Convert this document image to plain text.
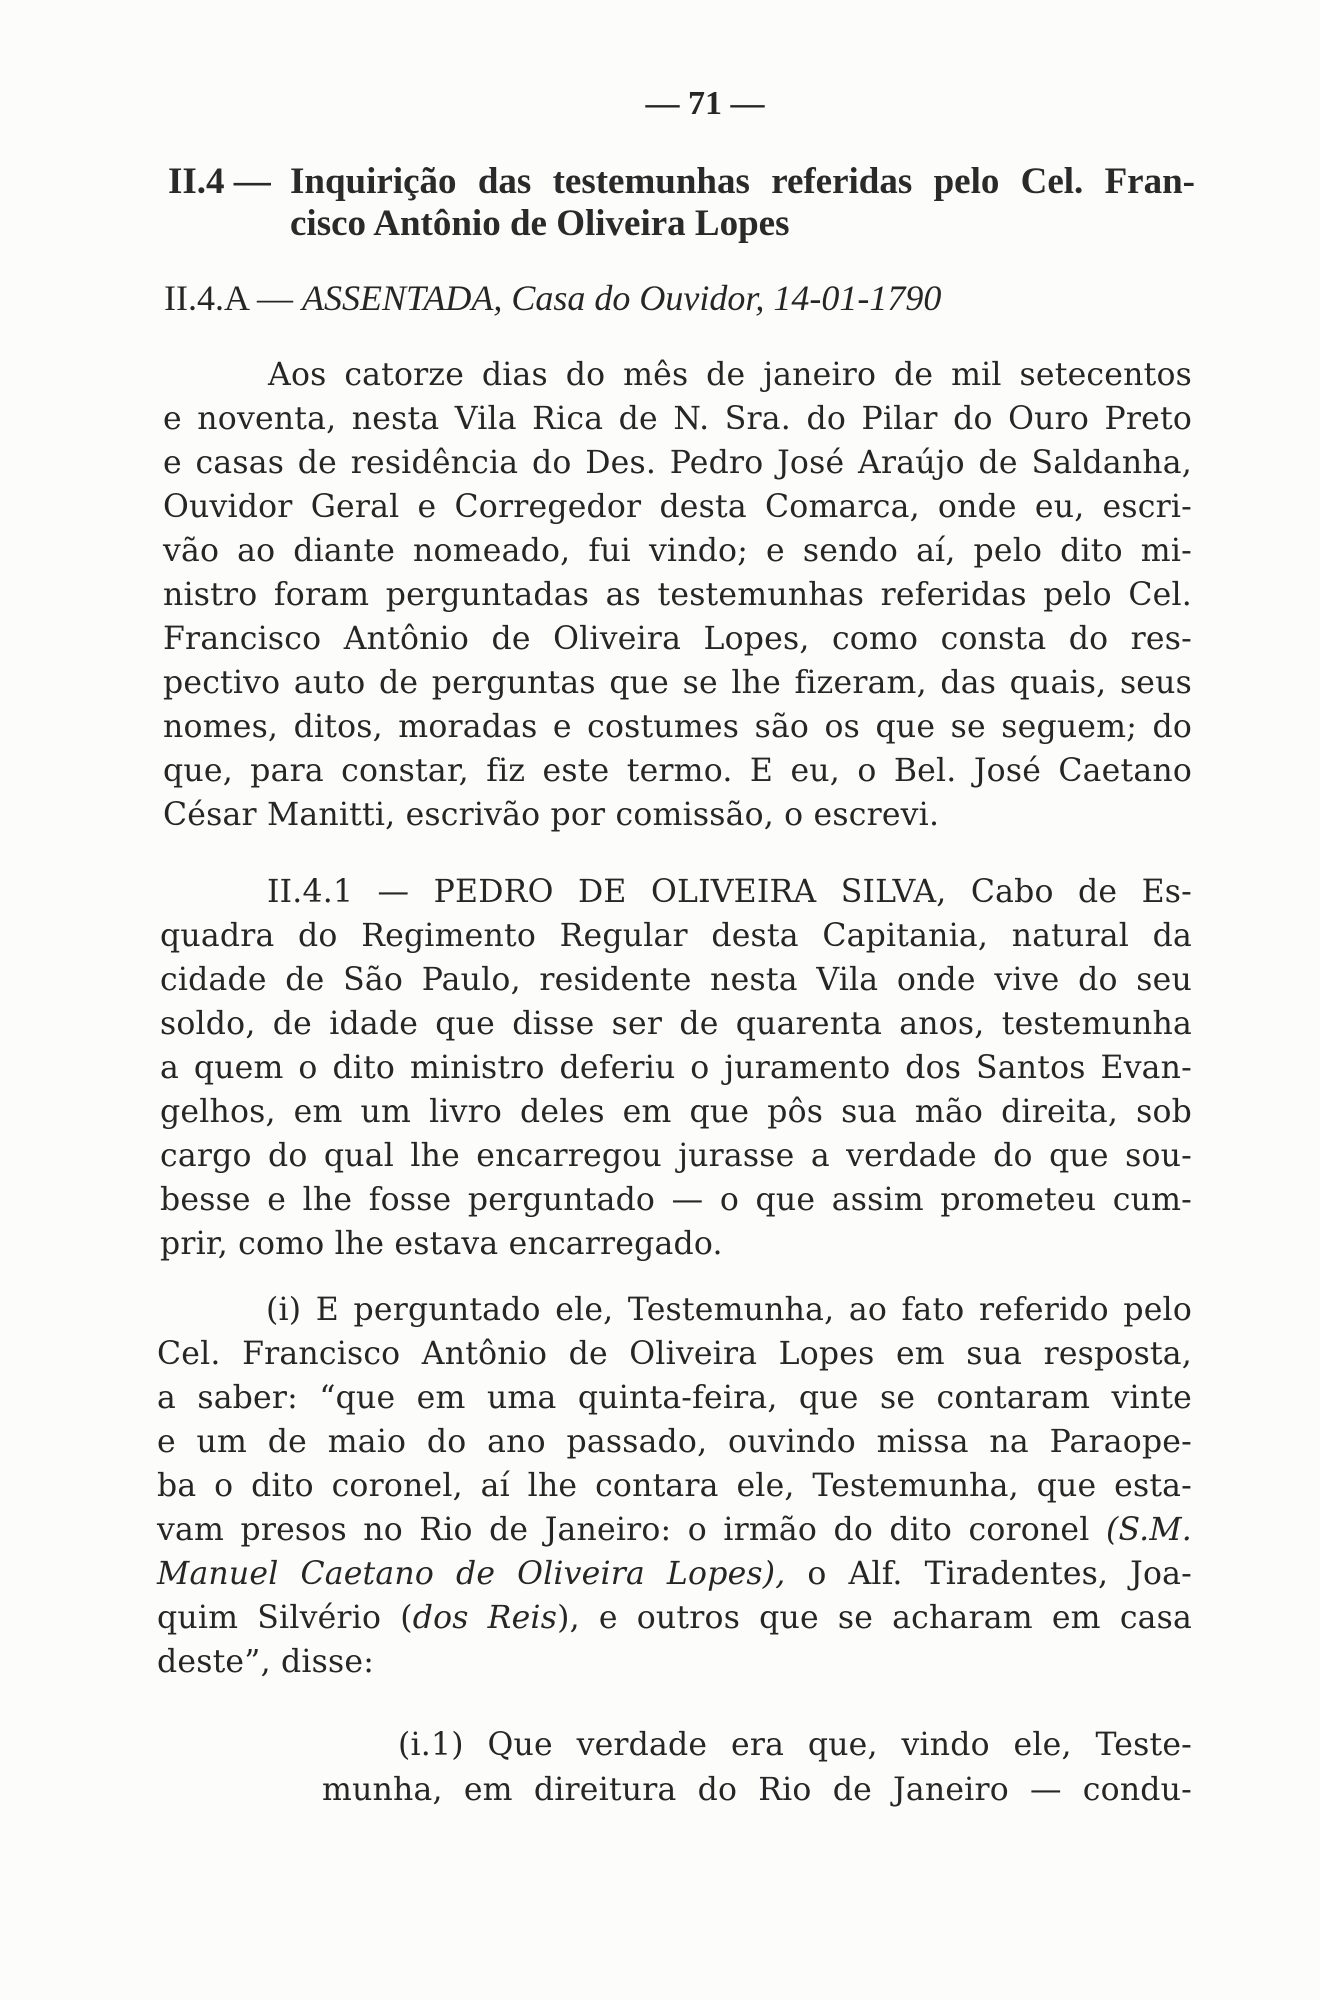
— 71 —
II.4 — Inquirição das testemunhas referidas pelo Cel. Fran-
cisco Antônio de Oliveira Lopes
II.4.A — ASSENTADA, Casa do Ouvidor, 14-01-1790
Aos catorze dias do mês de janeiro de mil setecentos
e noventa, nesta Vila Rica de N. Sra. do Pilar do Ouro Preto
e casas de residência do Des. Pedro José Araújo de Saldanha,
Ouvidor Geral e Corregedor desta Comarca, onde eu, escri-
vão ao diante nomeado, fui vindo; e sendo aí, pelo dito mi-
nistro foram perguntadas as testemunhas referidas pelo Cel.
Francisco Antônio de Oliveira Lopes, como consta do res-
pectivo auto de perguntas que se lhe fizeram, das quais, seus
nomes, ditos, moradas e costumes são os que se seguem; do
que, para constar, fiz este termo. E eu, o Bel. José Caetano
César Manitti, escrivão por comissão, o escrevi.
II.4.1 — PEDRO DE OLIVEIRA SILVA, Cabo de Es-
quadra do Regimento Regular desta Capitania, natural da
cidade de São Paulo, residente nesta Vila onde vive do seu
soldo, de idade que disse ser de quarenta anos, testemunha
a quem o dito ministro deferiu o juramento dos Santos Evan-
gelhos, em um livro deles em que pôs sua mão direita, sob
cargo do qual lhe encarregou jurasse a verdade do que sou-
besse e lhe fosse perguntado — o que assim prometeu cum-
prir, como lhe estava encarregado.
(i) E perguntado ele, Testemunha, ao fato referido pelo
Cel. Francisco Antônio de Oliveira Lopes em sua resposta,
a saber: “que em uma quinta-feira, que se contaram vinte
e um de maio do ano passado, ouvindo missa na Paraope-
ba o dito coronel, aí lhe contara ele, Testemunha, que esta-
vam presos no Rio de Janeiro: o irmão do dito coronel (S.M.
Manuel Caetano de Oliveira Lopes), o Alf. Tiradentes, Joa-
quim Silvério (dos Reis), e outros que se acharam em casa
deste”, disse:
(i.1) Que verdade era que, vindo ele, Teste-
munha, em direitura do Rio de Janeiro — condu-
